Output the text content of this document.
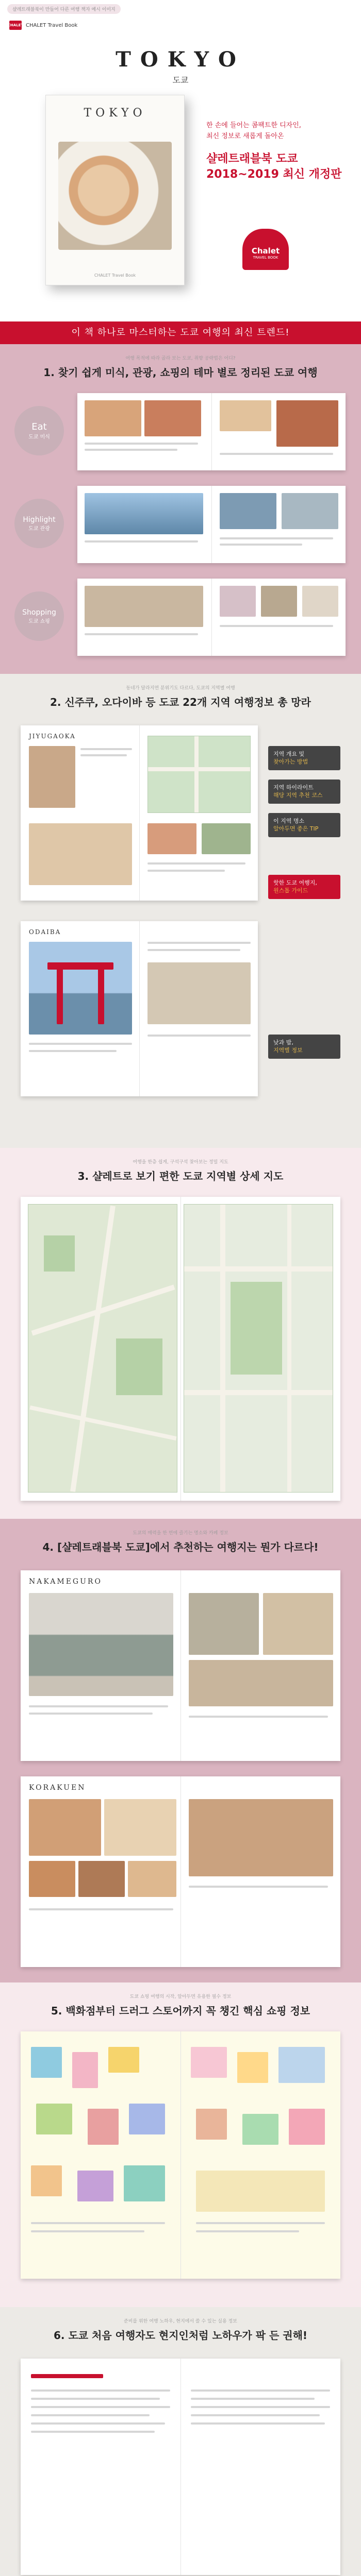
샬레트래블북이 만들어 다른 여행 책자 예시 이미지
CHALET CHALET Travel Book
TOKYO
도쿄
TOKYO
CHALET Travel Book
한 손에 들어는 콤팩트한 디자인,
최신 정보로 새롭게 돌아온
샬레트래블북 도쿄
2018~2019 최신 개정판
Chalet
TRAVEL BOOK
이 책 하나로 마스터하는 도쿄 여행의 최신 트렌드!
여행 목적에 따라 골라 보는 도쿄, 취향 공략법은 어디?
1. 찾기 쉽게 미식, 관광, 쇼핑의 테마 별로 정리된 도쿄 여행
Eat
도쿄 미식
Highlight
도쿄 관광
Shopping
도쿄 쇼핑
동네가 달라지면 분위기도 다르다, 도쿄의 지역별 여행
2. 신주쿠, 오다이바 등 도쿄 22개 지역 여행정보 총 망라
JIYUGAOKA
지역 개요 및
찾아가는 방법
지역 하이라이트
해당 지역 추천 코스
이 지역 명소
알아두면 좋은 TIP
핫한 도쿄 여행지,
원스톱 가이드
ODAIBA
낮과 밤,
지역별 정보
여행을 한층 쉽게, 구석구석 찾아보는 정밀 지도
3. 샬레트로 보기 편한 도쿄 지역별 상세 지도
도쿄의 매력을 한 번에 즐기는 명소와 카페 정보
4. [샬레트래블북 도쿄]에서 추천하는 여행지는 뭔가 다르다!
NAKAMEGURO
KORAKUEN
도쿄 쇼핑 여행의 시작, 알아두면 유용한 필수 정보
5. 백화점부터 드러그 스토어까지 꼭 챙긴 핵심 쇼핑 정보
준비를 위한 여행 노하우, 현지에서 쓸 수 있는 실용 정보
6. 도쿄 처음 여행자도 현지인처럼 노하우가 팍 든 권해!
